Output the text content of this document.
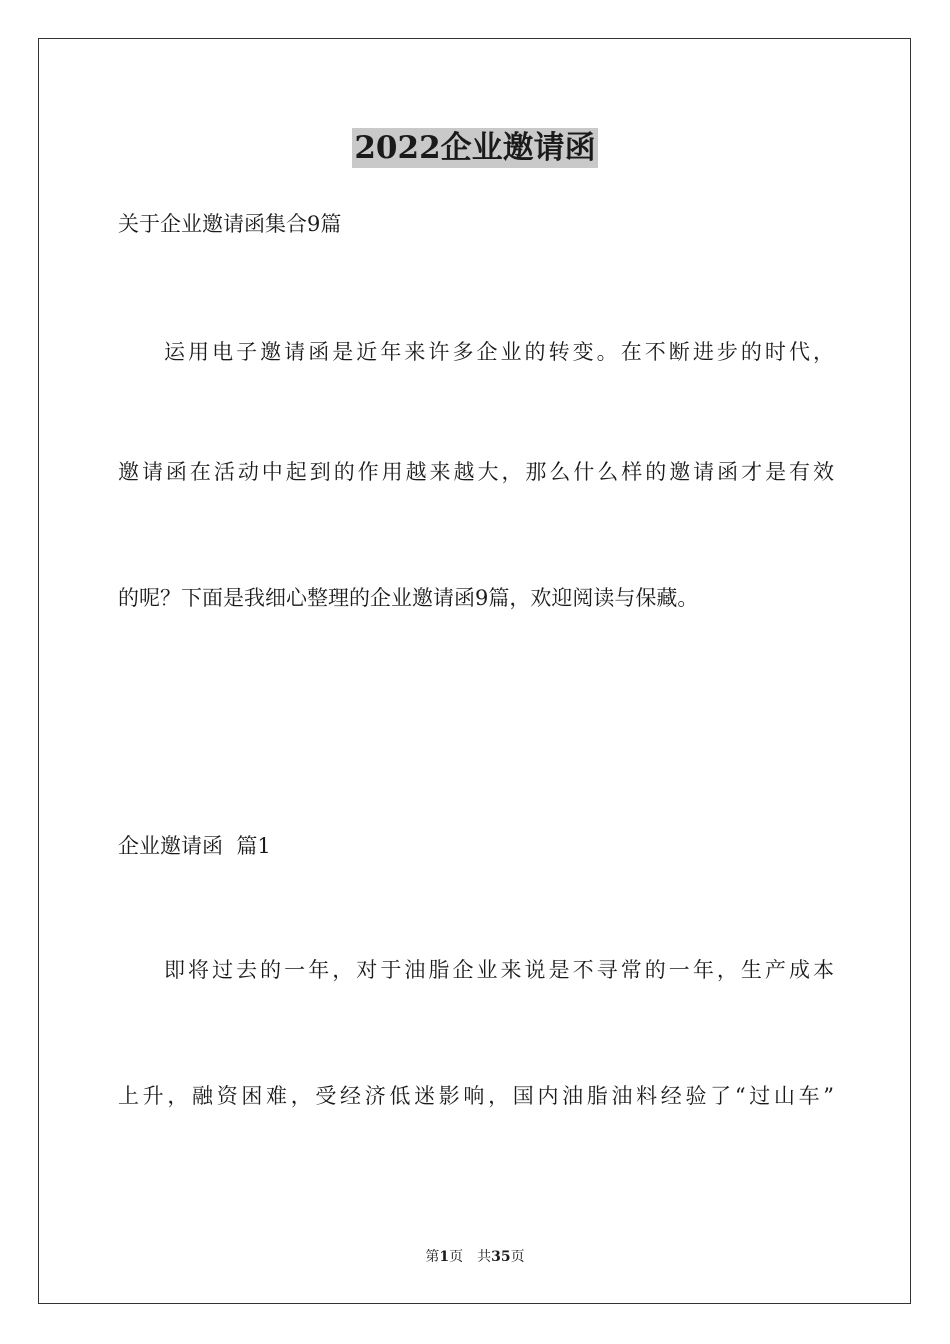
2022企业邀请函
关于企业邀请函集合9篇
运用电子邀请函是近年来许多企业的转变。在不断进步的时代，
邀请函在活动中起到的作用越来越大，那么什么样的邀请函才是有效
的呢？下面是我细心整理的企业邀请函9篇，欢迎阅读与保藏。
企业邀请函  篇1
即将过去的一年，对于油脂企业来说是不寻常的一年，生产成本
上升，融资困难，受经济低迷影响，国内油脂油料经验了“过山车”
第1页 共35页
